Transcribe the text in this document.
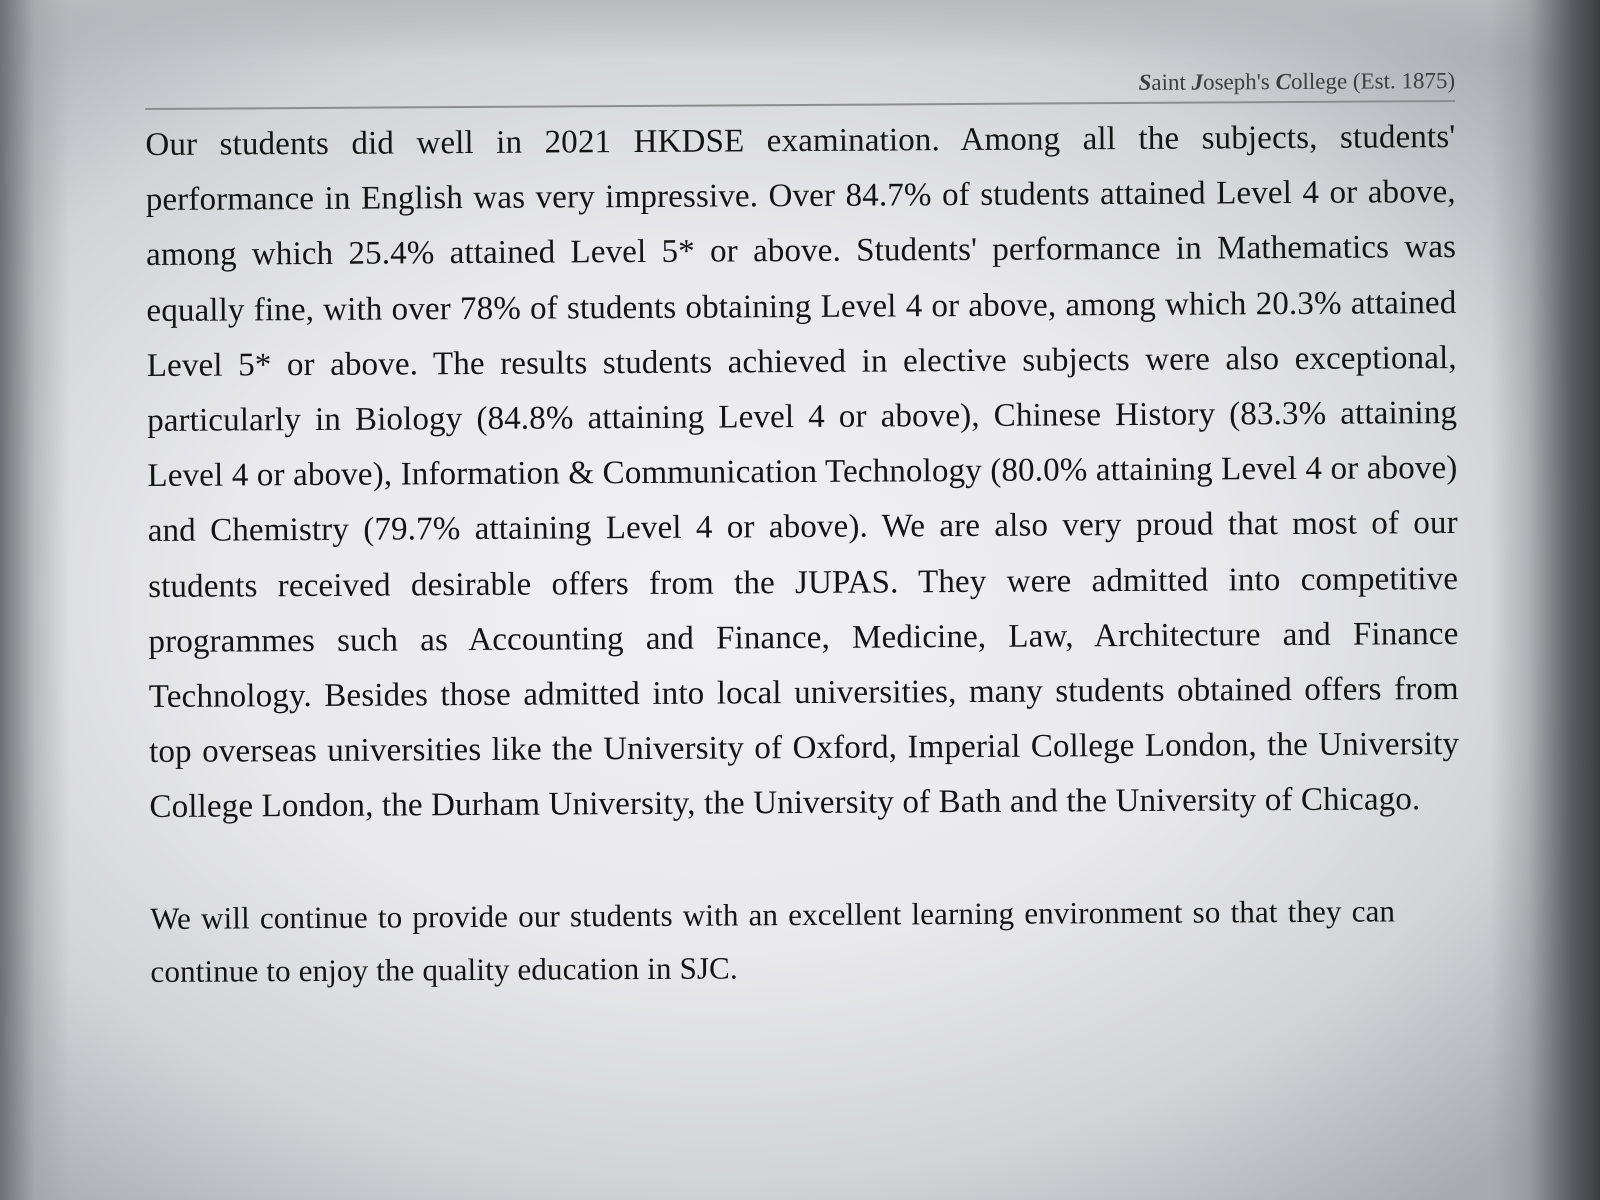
Saint Joseph's College (Est. 1875)

Our students did well in 2021 HKDSE examination. Among all the subjects, students' performance in English was very impressive. Over 84.7% of students attained Level 4 or above, among which 25.4% attained Level 5* or above. Students' performance in Mathematics was equally fine, with over 78% of students obtaining Level 4 or above, among which 20.3% attained Level 5* or above. The results students achieved in elective subjects were also exceptional, particularly in Biology (84.8% attaining Level 4 or above), Chinese History (83.3% attaining Level 4 or above), Information & Communication Technology (80.0% attaining Level 4 or above) and Chemistry (79.7% attaining Level 4 or above). We are also very proud that most of our students received desirable offers from the JUPAS. They were admitted into competitive programmes such as Accounting and Finance, Medicine, Law, Architecture and Finance Technology. Besides those admitted into local universities, many students obtained offers from top overseas universities like the University of Oxford, Imperial College London, the University College London, the Durham University, the University of Bath and the University of Chicago.

We will continue to provide our students with an excellent learning environment so that they can continue to enjoy the quality education in SJC.
